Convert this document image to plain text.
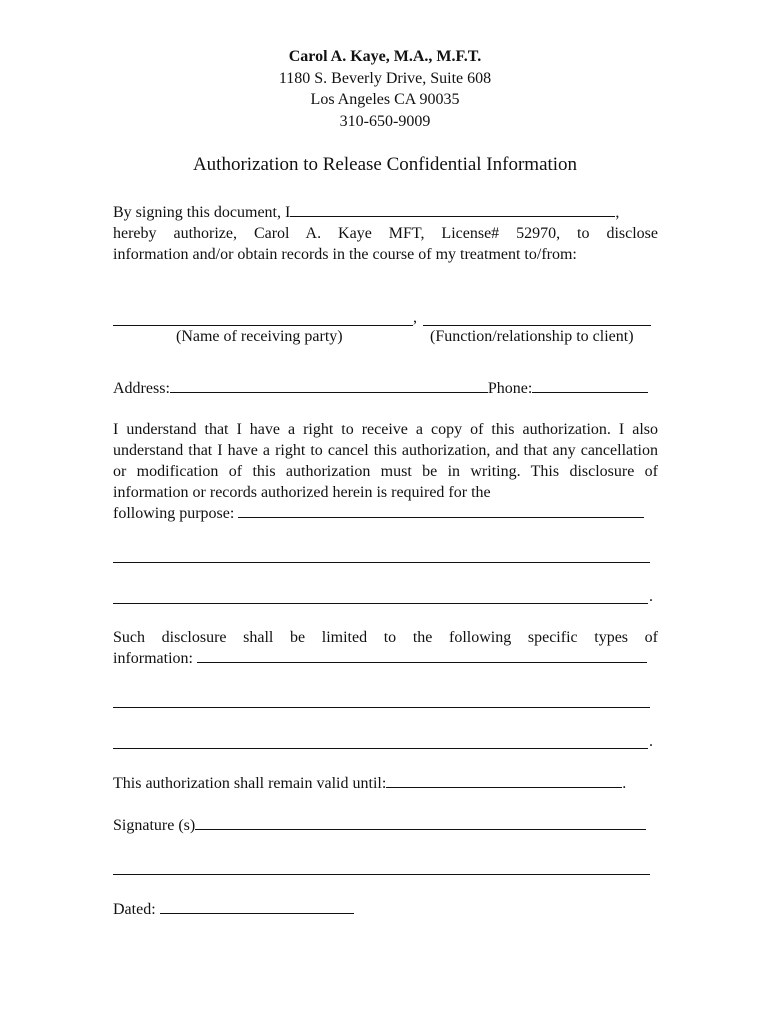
Carol A. Kaye, M.A., M.F.T.
1180 S. Beverly Drive, Suite 608
Los Angeles CA 90035
310-650-9009
Authorization to Release Confidential Information
By signing this document, I	,
hereby authorize, Carol A. Kaye MFT, License# 52970, to disclose
information and/or obtain records in the course of my treatment to/from:
,
(Name of receiving party)	(Function/relationship to client)
Address:	Phone:
I understand that I have a right to receive a copy of this authorization. I also understand that I have a right to cancel this authorization, and that any cancellation or modification of this authorization must be in writing. This disclosure of information or records authorized herein is required for the
following purpose:
.
Such disclosure shall be limited to the following specific types of
information:
.
This authorization shall remain valid until:	.
Signature (s)
Dated:
